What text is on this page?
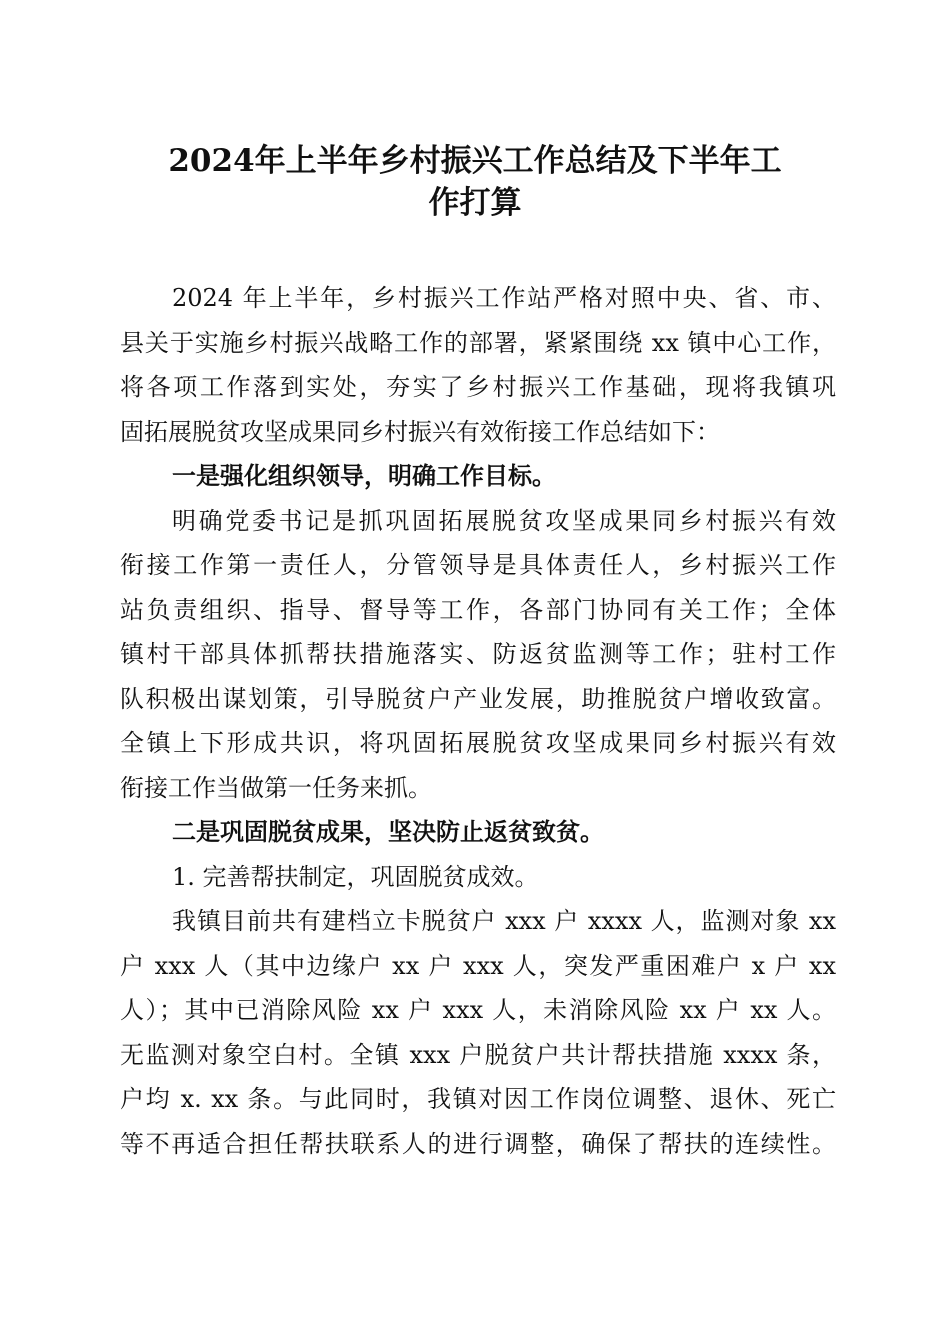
2024年上半年乡村振兴工作总结及下半年工
作打算
2024 年上半年，乡村振兴工作站严格对照中央、省、市、
县关于实施乡村振兴战略工作的部署，紧紧围绕 xx 镇中心工作，
将各项工作落到实处，夯实了乡村振兴工作基础，现将我镇巩
固拓展脱贫攻坚成果同乡村振兴有效衔接工作总结如下：
一是强化组织领导，明确工作目标。
明确党委书记是抓巩固拓展脱贫攻坚成果同乡村振兴有效
衔接工作第一责任人，分管领导是具体责任人，乡村振兴工作
站负责组织、指导、督导等工作，各部门协同有关工作；全体
镇村干部具体抓帮扶措施落实、防返贫监测等工作；驻村工作
队积极出谋划策，引导脱贫户产业发展，助推脱贫户增收致富。
全镇上下形成共识，将巩固拓展脱贫攻坚成果同乡村振兴有效
衔接工作当做第一任务来抓。
二是巩固脱贫成果，坚决防止返贫致贫。
1. 完善帮扶制定，巩固脱贫成效。
我镇目前共有建档立卡脱贫户 xxx 户 xxxx 人，监测对象 xx
户 xxx 人（其中边缘户 xx 户 xxx 人，突发严重困难户 x 户 xx
人）；其中已消除风险 xx 户 xxx 人，未消除风险 xx 户 xx 人。
无监测对象空白村。全镇 xxx 户脱贫户共计帮扶措施 xxxx 条，
户均 x. xx 条。与此同时，我镇对因工作岗位调整、退休、死亡
等不再适合担任帮扶联系人的进行调整，确保了帮扶的连续性。
